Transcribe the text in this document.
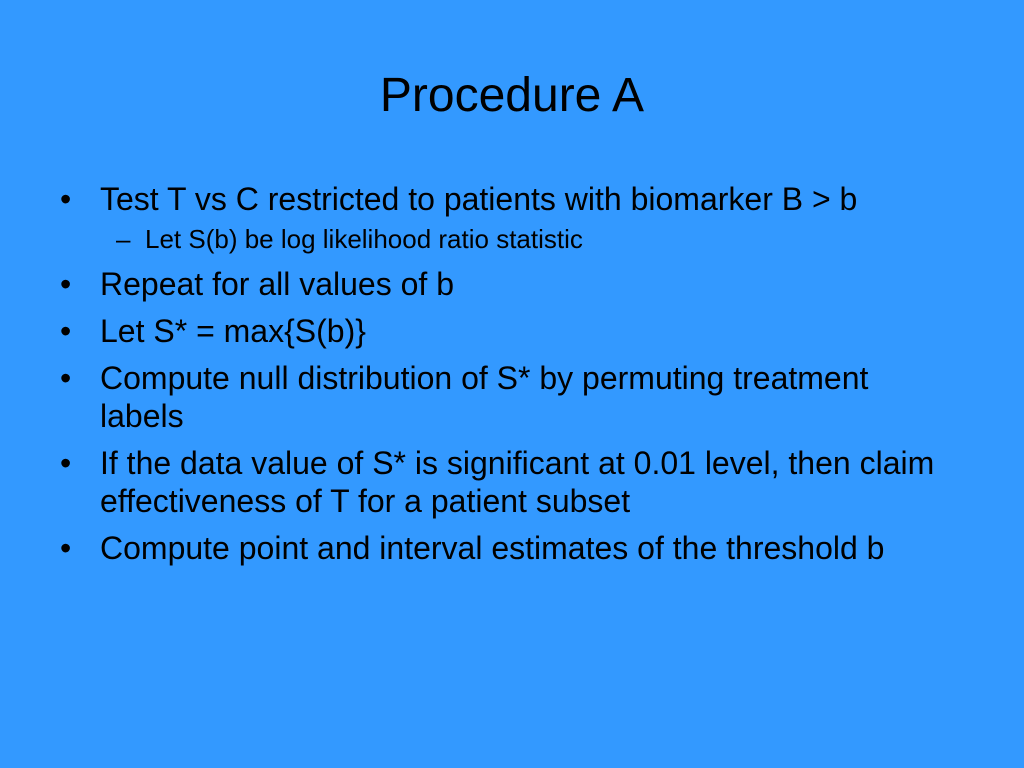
Procedure A
• Test T vs C restricted to patients with biomarker B > b
– Let S(b) be log likelihood ratio statistic
• Repeat for all values of b
• Let S* = max{S(b)}
• Compute null distribution of S* by permuting treatment labels
• If the data value of S* is significant at 0.01 level, then claim effectiveness of T for a patient subset
• Compute point and interval estimates of the threshold b
